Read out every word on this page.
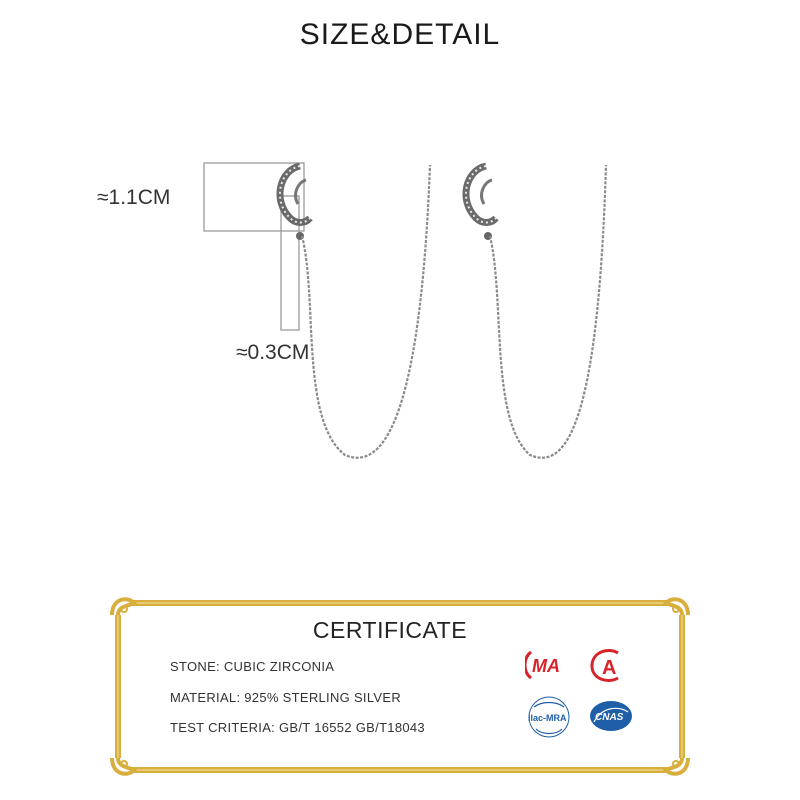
SIZE&DETAIL
≈1.1CM
≈0.3CM
CERTIFICATE
STONE: CUBIC ZIRCONIA
MATERIAL: 925% STERLING SILVER
TEST CRITERIA: GB/T 16552 GB/T18043
MA A
ilac-MRA	CNAS
